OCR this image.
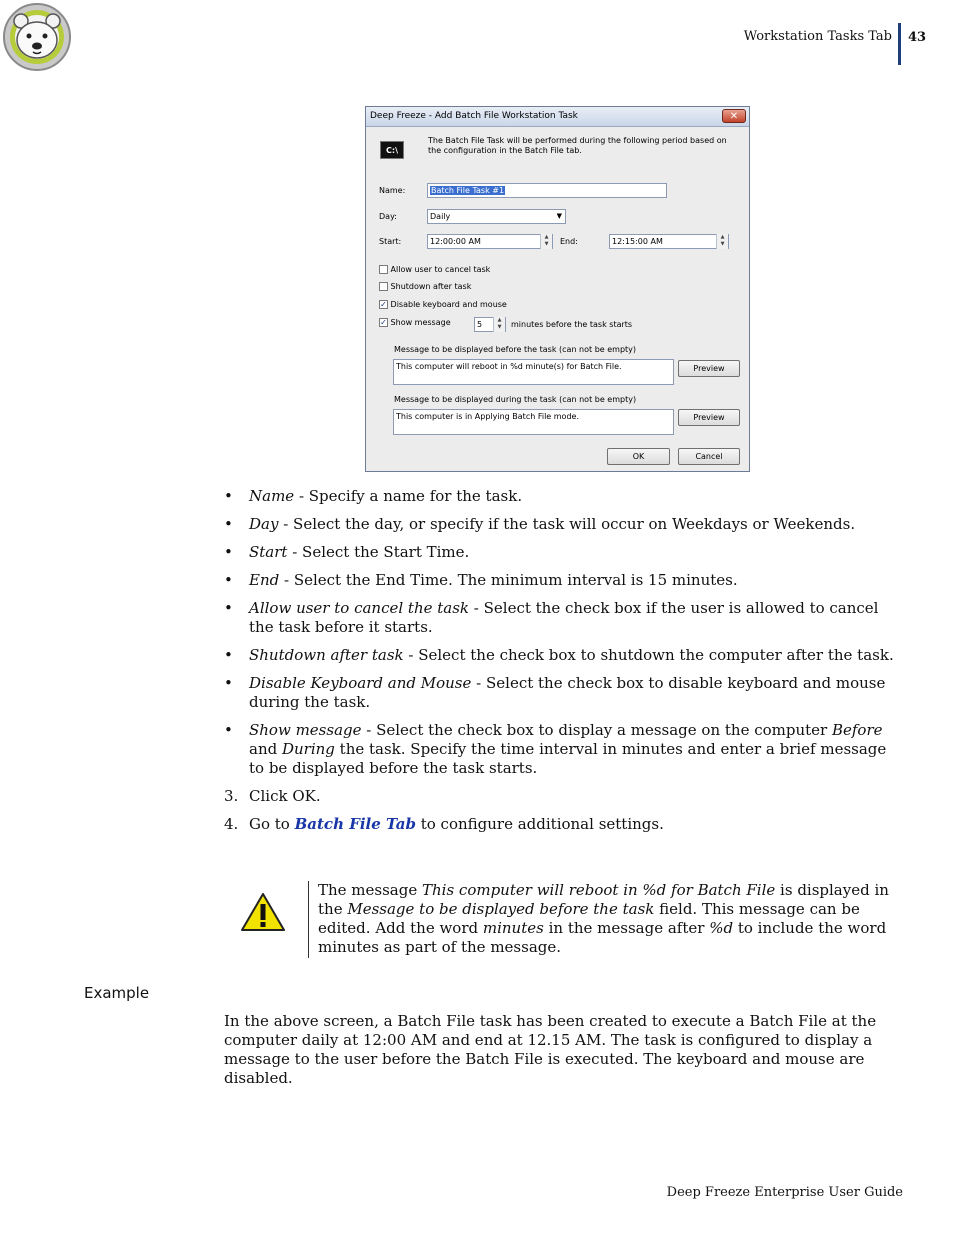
Workstation Tasks Tab 43
Deep Freeze - Add Batch File Workstation Task	✕
C:\
The Batch File Task will be performed during the following period based on the configuration in the Batch File tab.
Name:	Batch File Task #1
Day:	Daily	▼
Start:	12:00:00 AM	▲
▼	End:	12:15:00 AM	▲
▼
Allow user to cancel task
Shutdown after task
✓ Disable keyboard and mouse
✓ Show message	5	▲
▼	minutes before the task starts
Message to be displayed before the task (can not be empty)
This computer will reboot in %d minute(s) for Batch File.	Preview
Message to be displayed during the task (can not be empty)
This computer is in Applying Batch File mode.	Preview
OK	Cancel
• Name - Specify a name for the task.
• Day - Select the day, or specify if the task will occur on Weekdays or Weekends.
• Start - Select the Start Time.
• End - Select the End Time. The minimum interval is 15 minutes.
• Allow user to cancel the task - Select the check box if the user is allowed to cancel the task before it starts.
• Shutdown after task - Select the check box to shutdown the computer after the task.
• Disable Keyboard and Mouse - Select the check box to disable keyboard and mouse during the task.
• Show message - Select the check box to display a message on the computer Before and During the task. Specify the time interval in minutes and enter a brief message to be displayed before the task starts.
3. Click OK.
4. Go to Batch File Tab to configure additional settings.
The message This computer will reboot in %d for Batch File is displayed in the Message to be displayed before the task field. This message can be edited. Add the word minutes in the message after %d to include the word minutes as part of the message.
Example
In the above screen, a Batch File task has been created to execute a Batch File at the computer daily at 12:00 AM and end at 12.15 AM. The task is configured to display a message to the user before the Batch File is executed. The keyboard and mouse are disabled.
Deep Freeze Enterprise User Guide
